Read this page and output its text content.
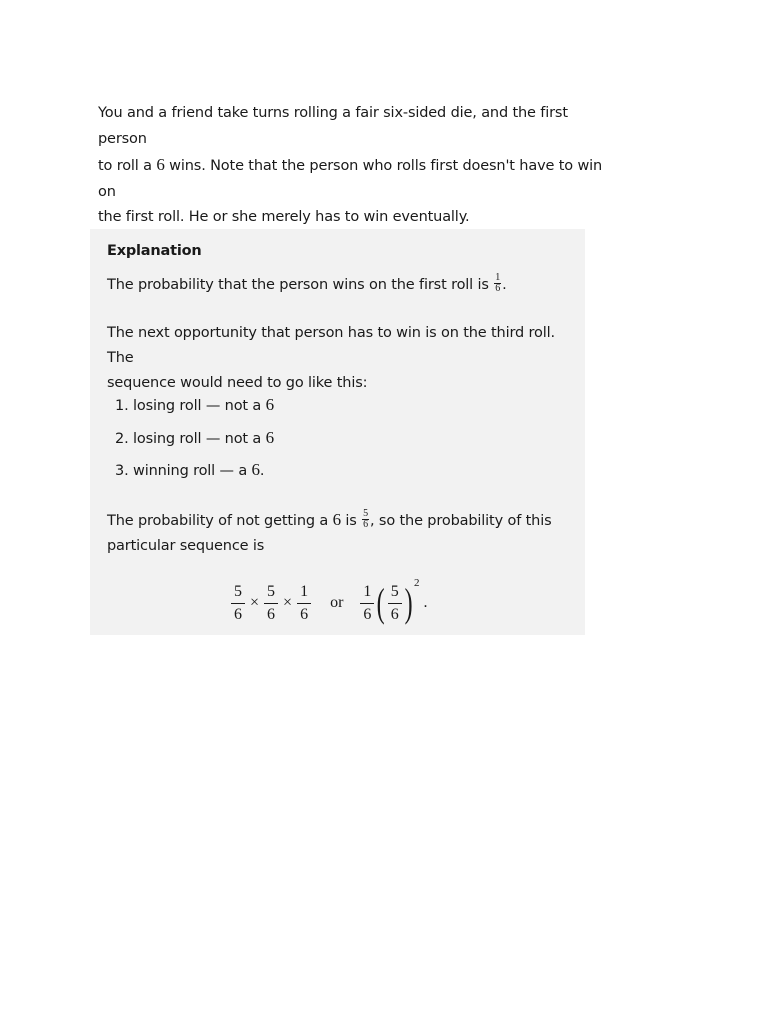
You and a friend take turns rolling a fair six-sided die, and the first person
to roll a 6 wins. Note that the person who rolls first doesn't have to win on
the first roll. He or she merely has to win eventually.
Explanation
The probability that the person wins on the first roll is $\frac{1}{6}$ .
The next opportunity that person has to win is on the third roll. The
sequence would need to go like this:
1. losing roll — not a 6
2. losing roll — not a 6
3. winning roll — a 6.
The probability of not getting a 6 is $\frac{5}{6}$ , so the probability of this
particular sequence is
$\frac{5}{6} \times \frac{5}{6} \times \frac{1}{6}$ or $\frac{1}{6}$ ( $\frac{5}{6}$ ) 2
.
